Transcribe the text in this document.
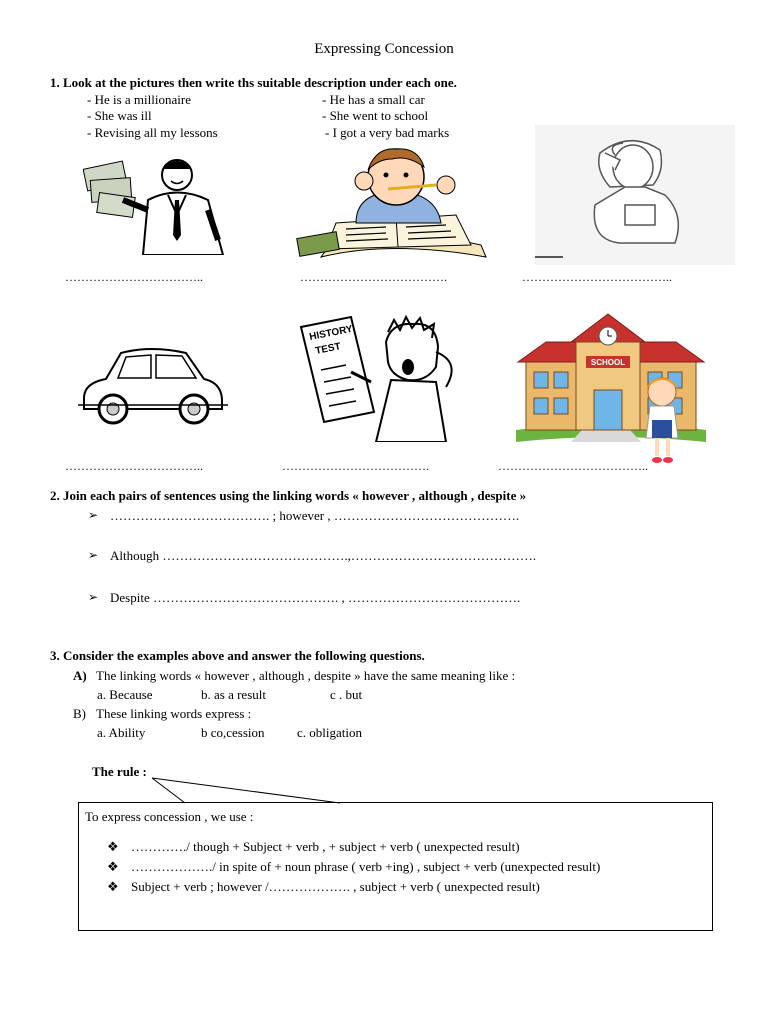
Expressing Concession
1. Look at the pictures then write ths suitable description under each one.
- He is a millionaire
- She was ill
- Revising all my lessons
- He has a small car
- She went to school
- I got a very bad marks
……………………………..	……………………………….	………………………………..
HISTORY
TEST
SCHOOL
……………………………..	……………………………….	………………………………..
2. Join each pairs of sentences using the linking words « however , although , despite »
➢ ………………………………. ; however , …………………………………….
➢ Although …………………………………….,…………………………………….
➢ Despite ……………………………………. , ………………………………….
3. Consider the examples above and answer the following questions.
A) The linking words « however , although , despite » have the same meaning like :
a. Because	b. as a result	c . but
B) These linking words express :
a. Ability	b co,cession c. obligation
The rule :
To express concession , we use :
❖ …………./ though + Subject + verb , + subject + verb ( unexpected result)
❖ ………………./ in spite of + noun phrase ( verb +ing) , subject + verb (unexpected result)
❖ Subject + verb ; however /………………. , subject + verb ( unexpected result)
